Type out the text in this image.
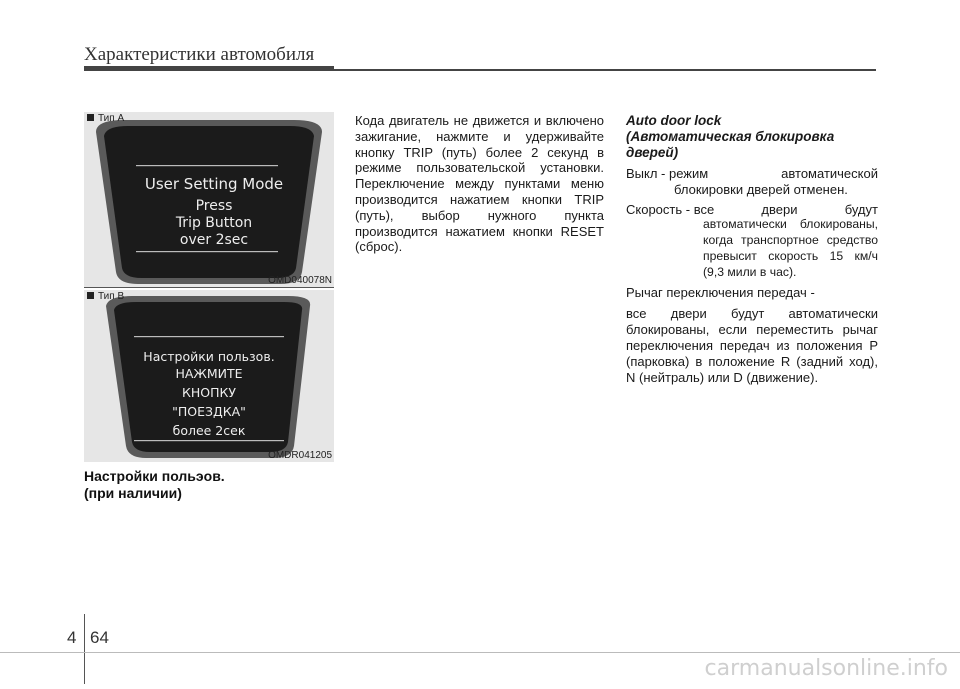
Характеристики автомобиля
Тип A
User Setting Mode
Press
Trip Button
over 2sec
OMD040078N
Тип B
Настройки пользов.
НАЖМИТЕ
КНОПКУ
"ПОЕЗДКА"
более 2сек
OMDR041205
Настройки польэов.
(при наличии)
Кода двигатель не движется и включено зажигание, нажмите и удерживайте кнопку TRIP (путь) более 2 секунд в режиме пользовательской установки. Переключение между пунктами меню производится нажатием кнопки TRIP (путь), выбор нужного пункта производится нажатием кнопки RESET (сброс).
Auto door lock
(Автоматическая блокировка
дверей)
Выкл - режим	автоматической
блокировки дверей отменен.
Скорость - все	двери	будут
автоматически блокированы, когда транспортное средство превысит скорость 15 км/ч (9,3 мили в час).
Рычаг переключения передач -
все двери будут автоматически блокированы, если переместить рычаг переключения передач из положения P (парковка) в положение R (задний ход), N (нейтраль) или D (движение).
4 64
carmanualsonline.info
